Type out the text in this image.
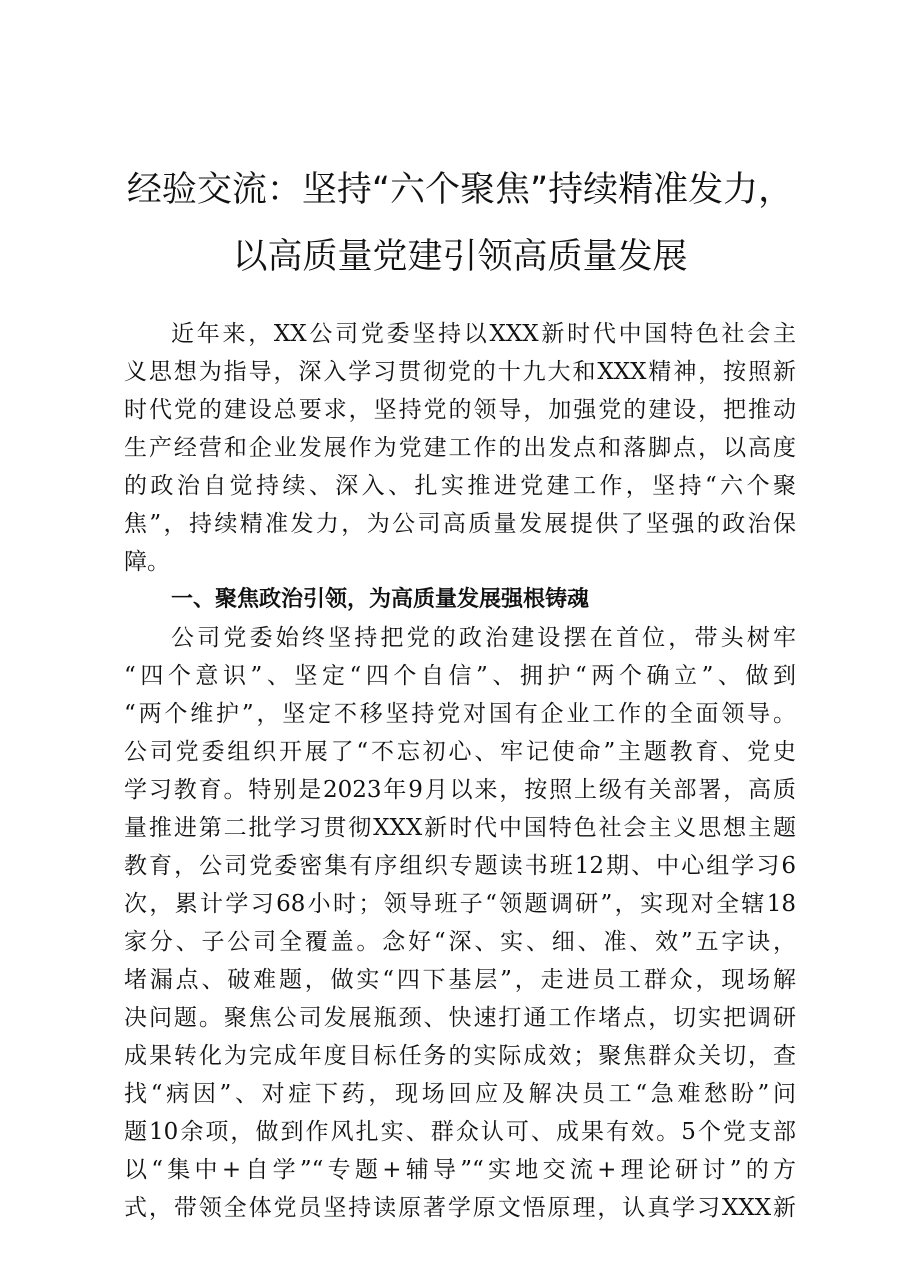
经验交流：坚持“六个聚焦”持续精准发力，
以高质量党建引领高质量发展
近年来，XX公司党委坚持以XXX新时代中国特色社会主
义思想为指导，深入学习贯彻党的十九大和XXX精神，按照新
时代党的建设总要求，坚持党的领导，加强党的建设，把推动
生产经营和企业发展作为党建工作的出发点和落脚点，以高度
的政治自觉持续、深入、扎实推进党建工作，坚持“六个聚
焦”，持续精准发力，为公司高质量发展提供了坚强的政治保
障。
一、聚焦政治引领，为高质量发展强根铸魂
公司党委始终坚持把党的政治建设摆在首位，带头树牢
“四个意识”、坚定“四个自信”、拥护“两个确立”、做到
“两个维护”，坚定不移坚持党对国有企业工作的全面领导。
公司党委组织开展了“不忘初心、牢记使命”主题教育、党史
学习教育。特别是2023年9月以来，按照上级有关部署，高质
量推进第二批学习贯彻XXX新时代中国特色社会主义思想主题
教育，公司党委密集有序组织专题读书班12期、中心组学习6
次，累计学习68小时；领导班子“领题调研”，实现对全辖18
家分、子公司全覆盖。念好“深、实、细、准、效”五字诀，
堵漏点、破难题，做实“四下基层”，走进员工群众，现场解
决问题。聚焦公司发展瓶颈、快速打通工作堵点，切实把调研
成果转化为完成年度目标任务的实际成效；聚焦群众关切，查
找“病因”、对症下药，现场回应及解决员工“急难愁盼”问
题10余项，做到作风扎实、群众认可、成果有效。5个党支部
以“集中+自学”“专题+辅导”“实地交流+理论研讨”的方
式，带领全体党员坚持读原著学原文悟原理，认真学习XXX新
